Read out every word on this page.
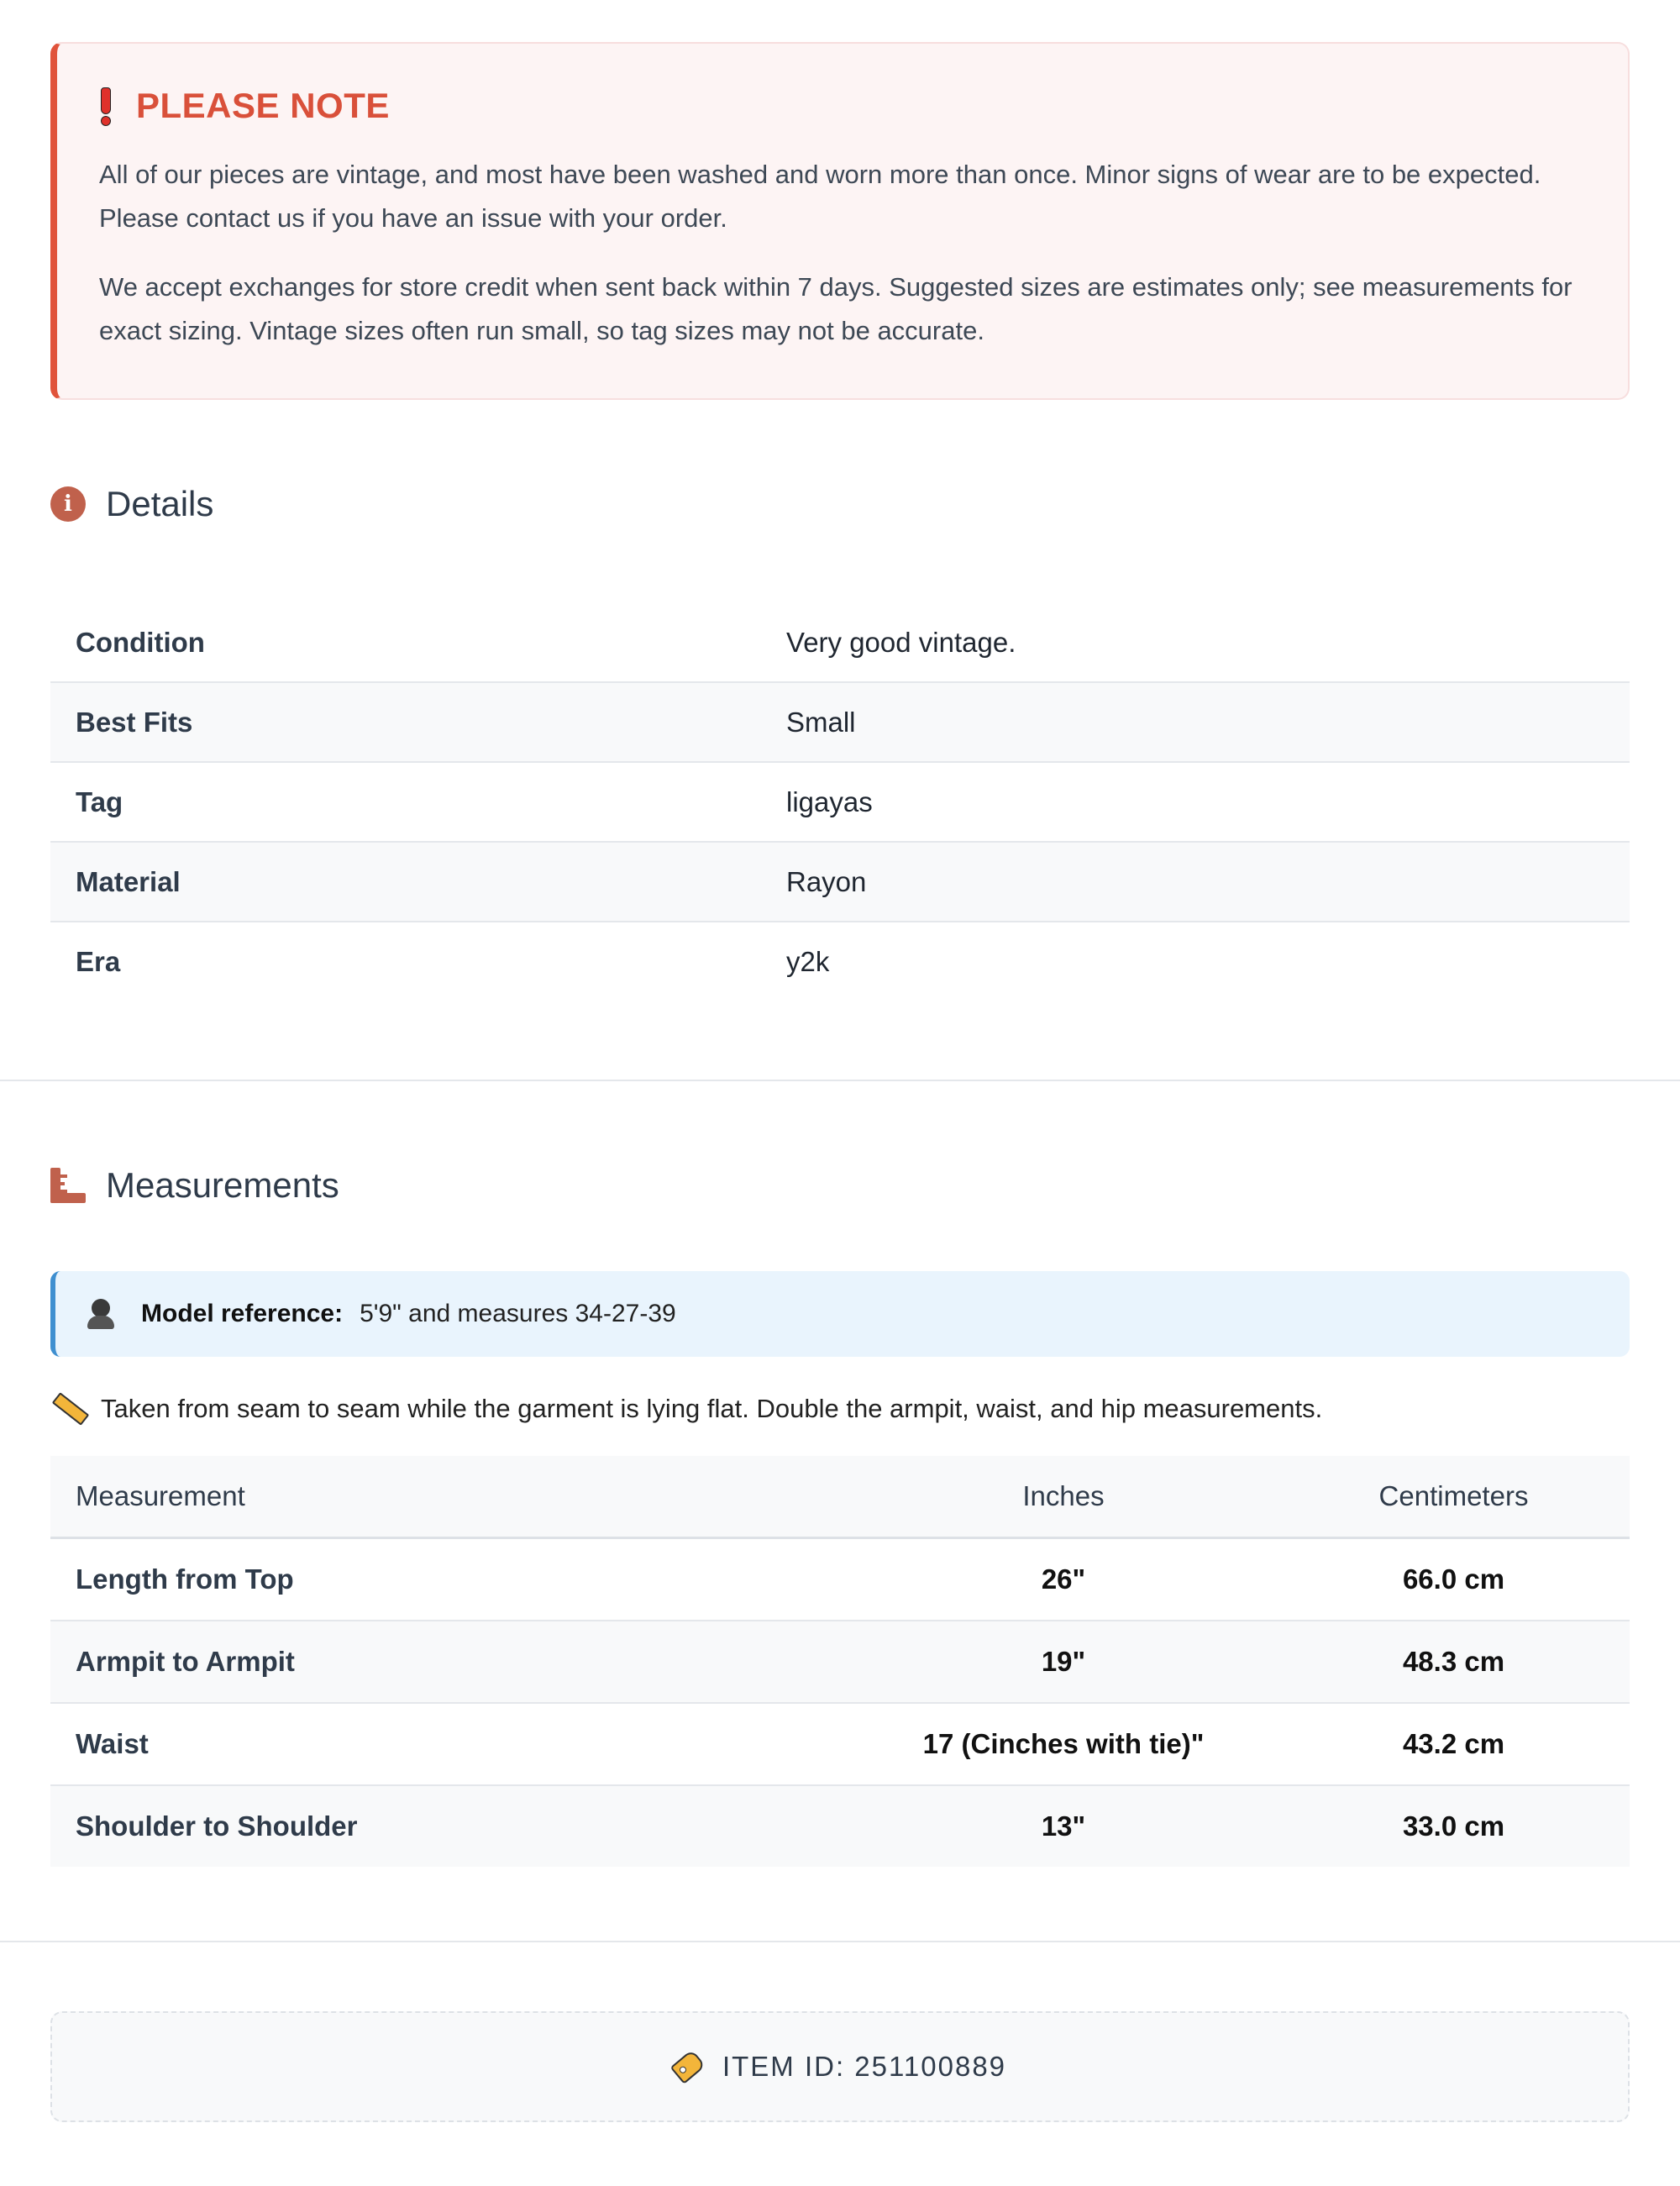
PLEASE NOTE

All of our pieces are vintage, and most have been washed and worn more than once. Minor signs of wear are to be expected. Please contact us if you have an issue with your order.

We accept exchanges for store credit when sent back within 7 days. Suggested sizes are estimates only; see measurements for exact sizing. Vintage sizes often run small, so tag sizes may not be accurate.

i Details
Condition	Very good vintage.
Best Fits	Small
Tag	ligayas
Material	Rayon
Era	y2k
Measurements
Model reference: 5'9" and measures 34-27-39
Taken from seam to seam while the garment is lying flat. Double the armpit, waist, and hip measurements.
Measurement	Inches	Centimeters
Length from Top	26"	66.0 cm
Armpit to Armpit	19"	48.3 cm
Waist	17 (Cinches with tie)"	43.2 cm
Shoulder to Shoulder	13"	33.0 cm
ITEM ID: 251100889
